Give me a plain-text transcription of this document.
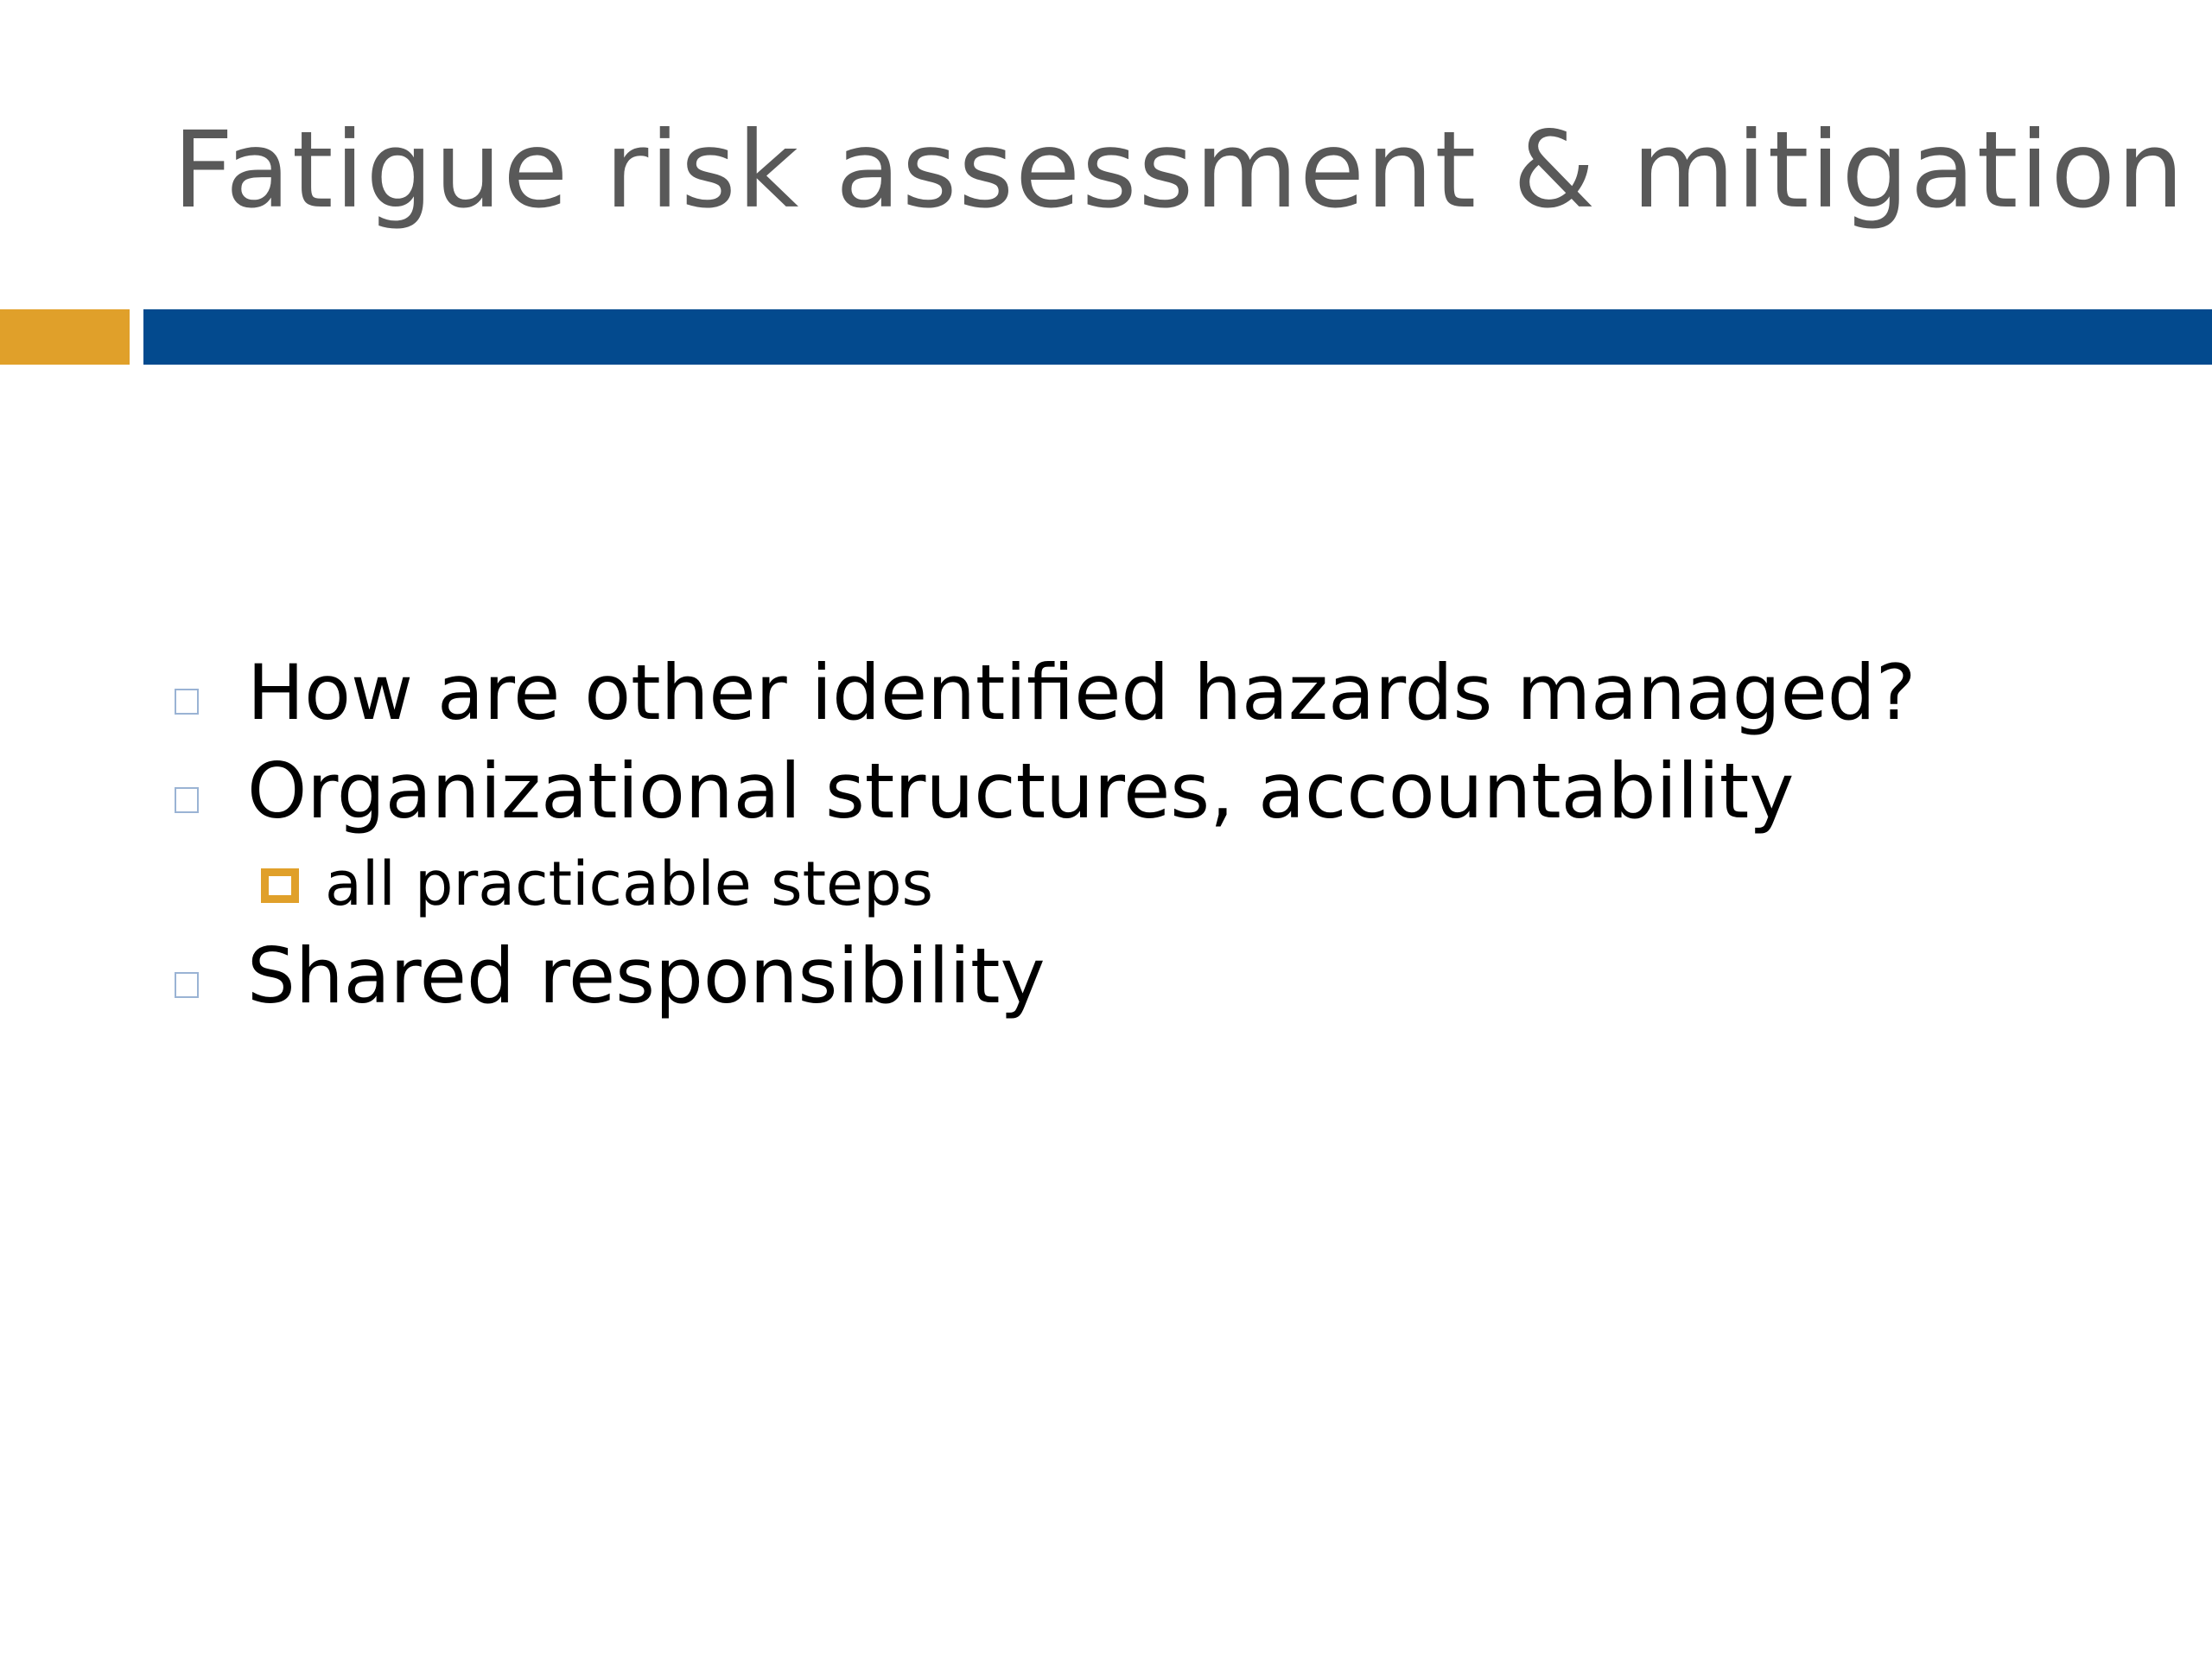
Fatigue risk assessment & mitigation
How are other identified hazards managed?
Organizational structures, accountability
all practicable steps
Shared responsibility
